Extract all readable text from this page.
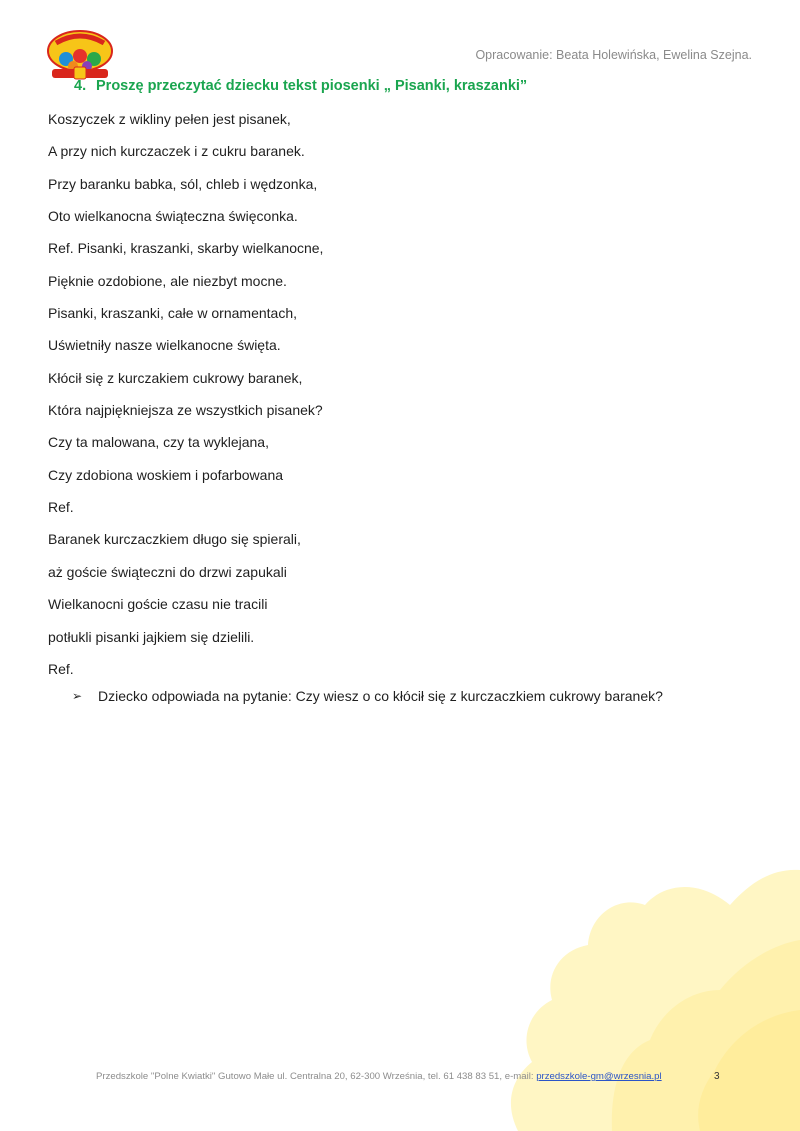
Opracowanie: Beata Holewińska, Ewelina Szejna.
4. Proszę przeczytać dziecku tekst piosenki „ Pisanki, kraszanki”
Koszyczek z wikliny pełen jest pisanek,
A przy nich kurczaczek i z cukru baranek.
Przy baranku babka, sól, chleb i wędzonka,
Oto wielkanocna świąteczna święconka.
Ref. Pisanki, kraszanki, skarby wielkanocne,
Pięknie ozdobione, ale niezbyt mocne.
Pisanki, kraszanki, całe w ornamentach,
Uświetniły nasze wielkanocne święta.
Kłócił się z kurczakiem cukrowy baranek,
Która najpiękniejsza ze wszystkich pisanek?
Czy ta malowana, czy ta wyklejana,
Czy zdobiona woskiem i pofarbowana
Ref.
Baranek kurczaczkiem długo się spierali,
aż goście świąteczni do drzwi zapukali
Wielkanocni goście czasu nie tracili
potłukli pisanki jajkiem się dzielili.
Ref.
➢	Dziecko odpowiada na pytanie: Czy wiesz o co kłócił się z kurczaczkiem cukrowy baranek?
Przedszkole "Polne Kwiatki" Gutowo Małe ul. Centralna 20, 62-300 Września, tel. 61 438 83 51, e-mail: przedszkole-gm@wrzesnia.pl	3
